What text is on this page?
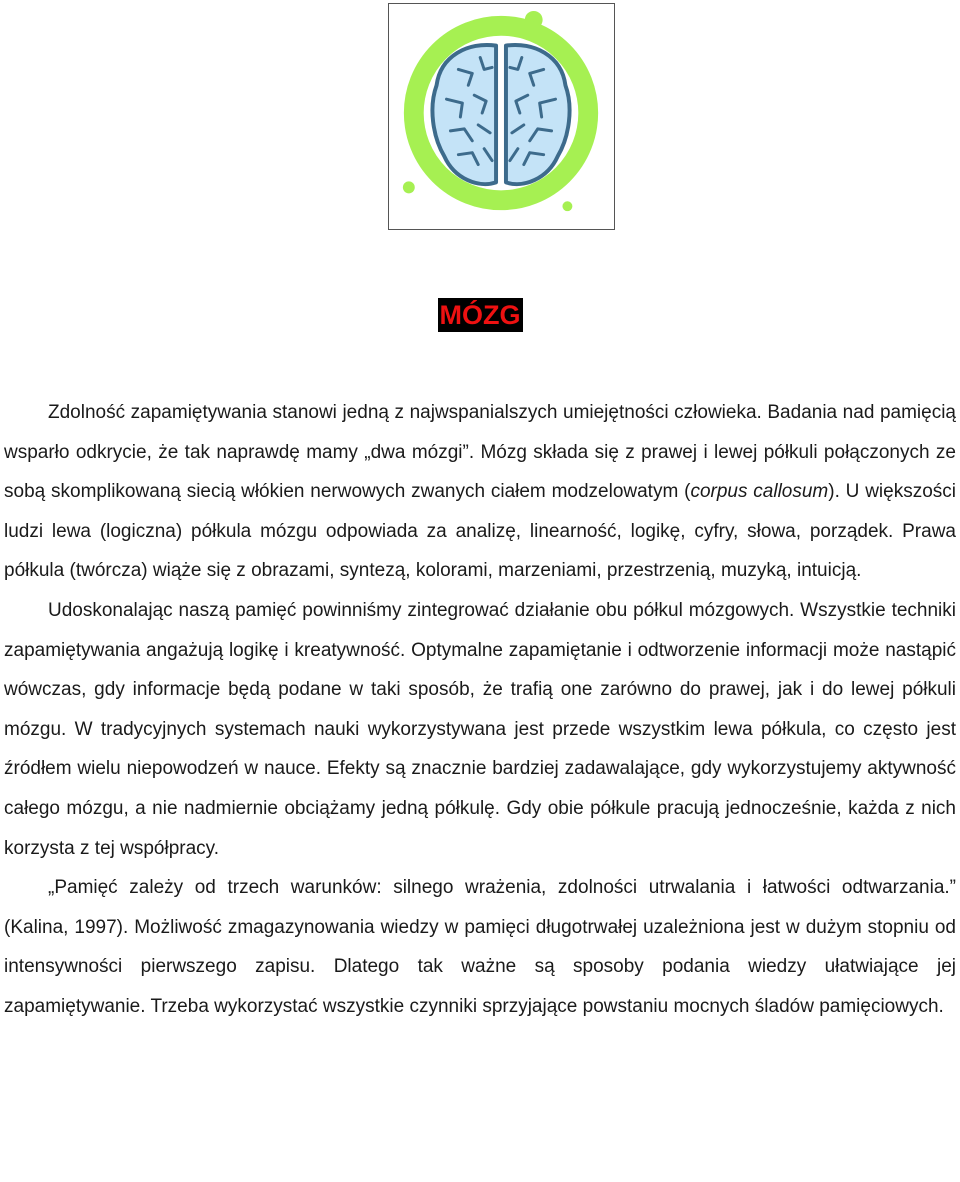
MÓZG

Zdolność zapamiętywania stanowi jedną z najwspanialszych umiejętności człowieka. Badania nad pamięcią wsparło odkrycie, że tak naprawdę mamy „dwa mózgi”. Mózg składa się z prawej i lewej półkuli połączonych ze sobą skomplikowaną siecią włókien nerwowych zwanych ciałem modzelowatym (corpus callosum). U większości ludzi lewa (logiczna) półkula mózgu odpowiada za analizę, linearność, logikę, cyfry, słowa, porządek. Prawa półkula (twórcza) wiąże się z obrazami, syntezą, kolorami, marzeniami, przestrzenią, muzyką, intuicją.

Udoskonalając naszą pamięć powinniśmy zintegrować działanie obu półkul mózgowych. Wszystkie techniki zapamiętywania angażują logikę i kreatywność. Optymalne zapamiętanie i odtworzenie informacji może nastąpić wówczas, gdy informacje będą podane w taki sposób, że trafią one zarówno do prawej, jak i do lewej półkuli mózgu. W tradycyjnych systemach nauki wykorzystywana jest przede wszystkim lewa półkula, co często jest źródłem wielu niepowodzeń w nauce. Efekty są znacznie bardziej zadawalające, gdy wykorzystujemy aktywność całego mózgu, a nie nadmiernie obciążamy jedną półkulę. Gdy obie półkule pracują jednocześnie, każda z nich korzysta z tej współpracy.

„Pamięć zależy od trzech warunków: silnego wrażenia, zdolności utrwalania i łatwości odtwarzania.” (Kalina, 1997). Możliwość zmagazynowania wiedzy w pamięci długotrwałej uzależniona jest w dużym stopniu od intensywności pierwszego zapisu. Dlatego tak ważne są sposoby podania wiedzy ułatwiające jej zapamiętywanie. Trzeba wykorzystać wszystkie czynniki sprzyjające powstaniu mocnych śladów pamięciowych.
